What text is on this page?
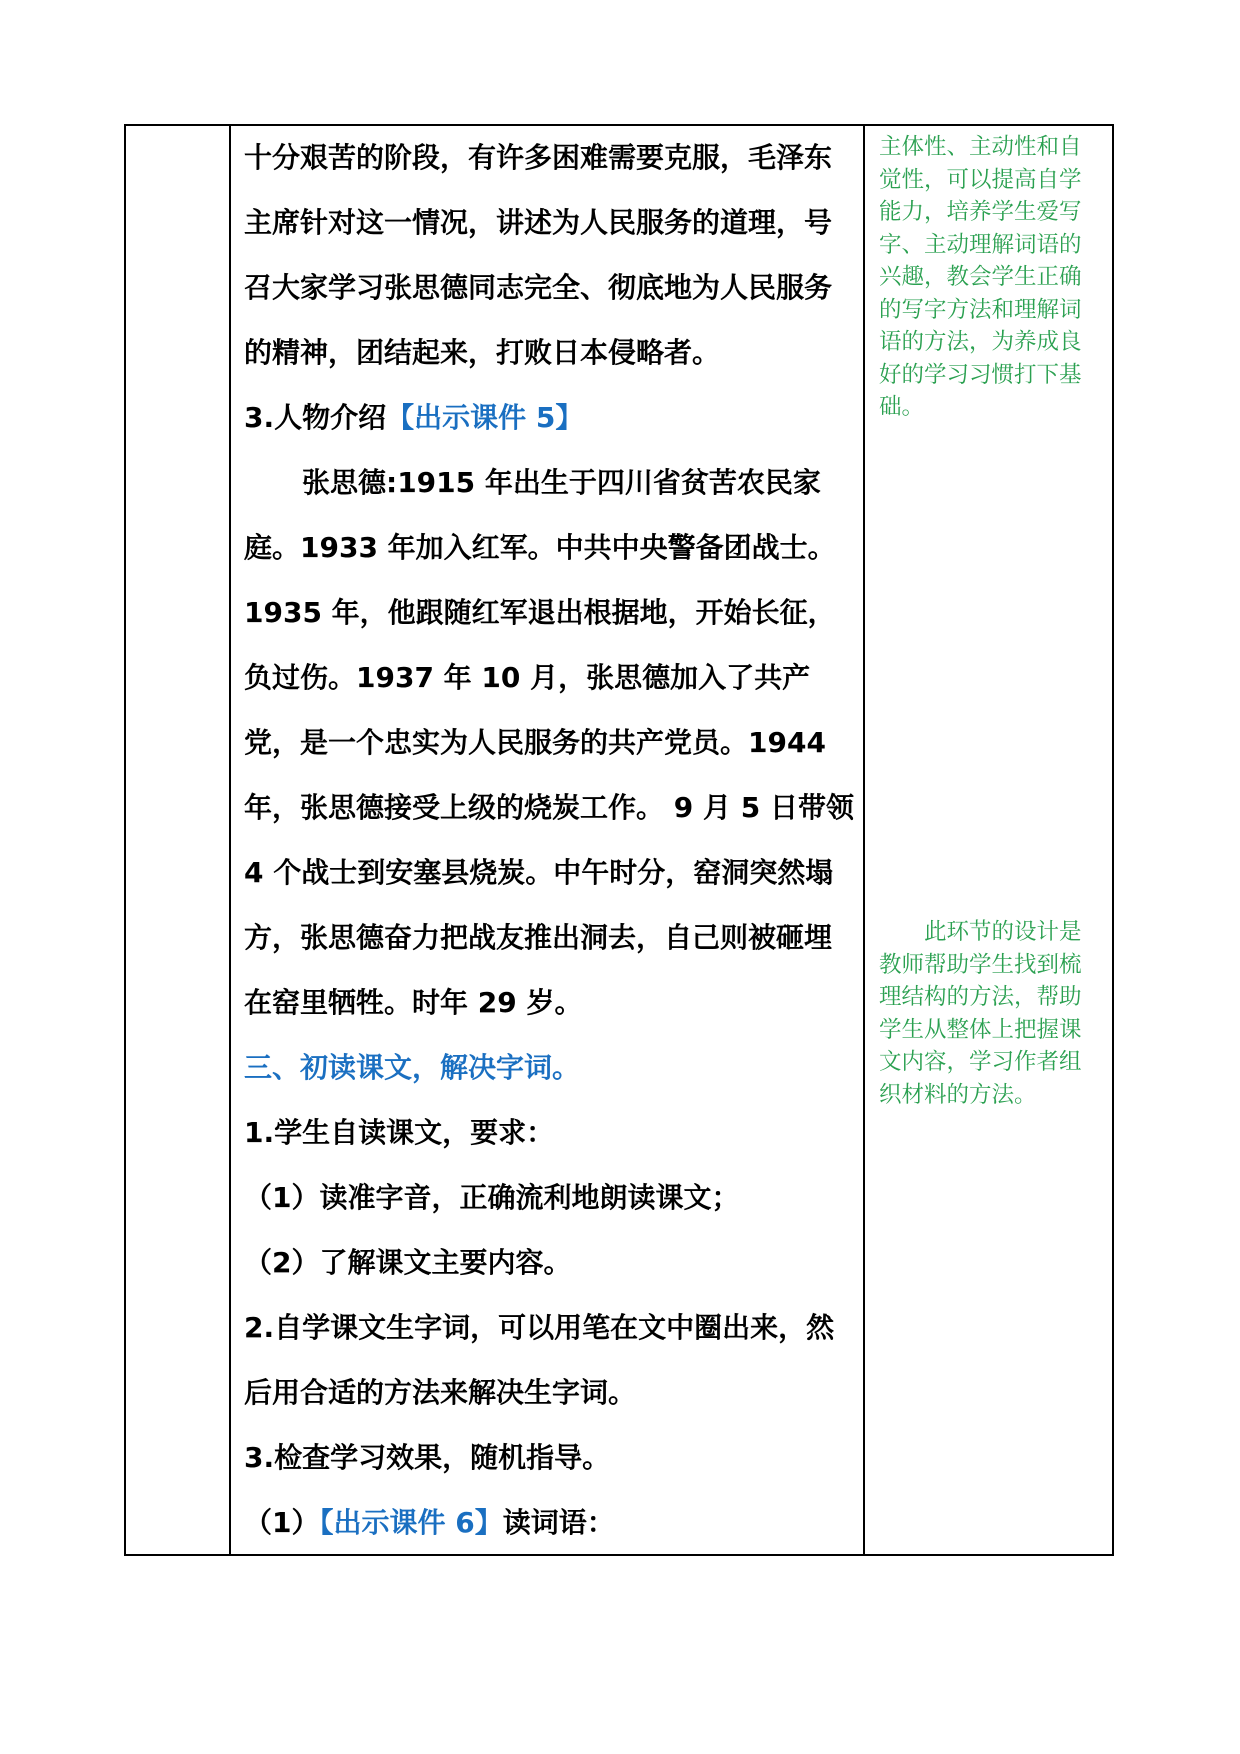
十分艰苦的阶段，有许多困难需要克服，毛泽东
主席针对这一情况，讲述为人民服务的道理，号
召大家学习张思德同志完全、彻底地为人民服务
的精神，团结起来，打败日本侵略者。
3.人物介绍【出示课件 5】
张思德:1915 年出生于四川省贫苦农民家
庭。1933 年加入红军。中共中央警备团战士。
1935 年，他跟随红军退出根据地，开始长征，
负过伤。1937 年 10 月，张思德加入了共产
党，是一个忠实为人民服务的共产党员。1944
年，张思德接受上级的烧炭工作。 9 月 5 日带领
4 个战士到安塞县烧炭。中午时分，窑洞突然塌
方，张思德奋力把战友推出洞去，自己则被砸埋
在窑里牺牲。时年 29 岁。
三、初读课文，解决字词。
1.学生自读课文，要求：
（1）读准字音，正确流利地朗读课文；
（2）了解课文主要内容。
2.自学课文生字词，可以用笔在文中圈出来，然
后用合适的方法来解决生字词。
3.检查学习效果，随机指导。
（1）【出示课件 6】读词语：
主体性、主动性和自
觉性，可以提高自学
能力，培养学生爱写
字、主动理解词语的
兴趣，教会学生正确
的写字方法和理解词
语的方法，为养成良
好的学习习惯打下基
础。
　　此环节的设计是
教师帮助学生找到梳
理结构的方法，帮助
学生从整体上把握课
文内容，学习作者组
织材料的方法。
